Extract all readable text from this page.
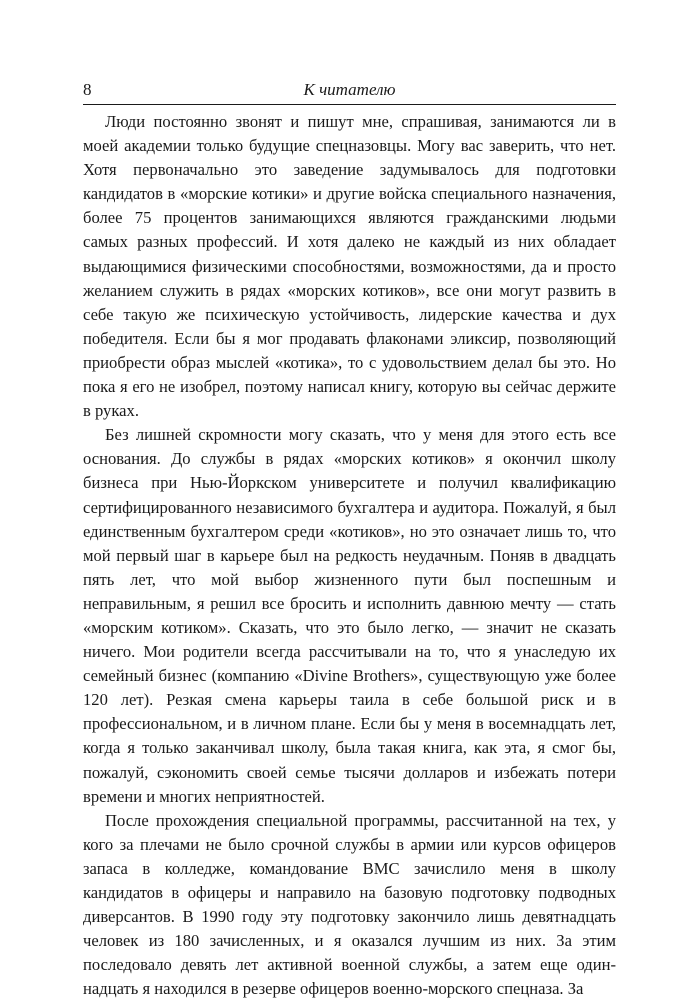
8	К читателю

Люди постоянно звонят и пишут мне, спрашивая, занимаются ли в моей академии только будущие спецназовцы. Могу вас заверить, что нет. Хотя первоначально это заведение задумывалось для подготовки кандидатов в «морские котики» и другие войска специального назначения, более 75 процентов занимающихся являются гражданскими людьми самых разных профессий. И хотя далеко не каждый из них обладает выдающимися физическими способностями, возможностями, да и просто желанием служить в рядах «морских котиков», все они могут развить в себе такую же психическую устойчивость, лидерские качества и дух победителя. Если бы я мог продавать флаконами эликсир, позволяющий приобрести образ мыслей «котика», то с удовольствием делал бы это. Но пока я его не изобрел, поэтому написал книгу, которую вы сейчас держите в руках.

Без лишней скромности могу сказать, что у меня для этого есть все основания. До службы в рядах «морских котиков» я окончил школу бизнеса при Нью-Йоркском университете и получил квалификацию сертифицированного независимого бухгалтера и аудитора. Пожалуй, я был единственным бухгалтером среди «котиков», но это означает лишь то, что мой первый шаг в карьере был на редкость неудачным. Поняв в двадцать пять лет, что мой выбор жизненного пути был поспешным и неправильным, я решил все бросить и исполнить давнюю мечту — стать «морским котиком». Сказать, что это было легко, — значит не сказать ничего. Мои родители всегда рассчитывали на то, что я унаследую их семейный бизнес (компанию «Divine Brothers», существующую уже более 120 лет). Резкая смена карьеры таила в себе большой риск и в профессиональном, и в личном плане. Если бы у меня в восемнадцать лет, когда я только заканчивал школу, была такая книга, как эта, я смог бы, пожалуй, сэкономить своей семье тысячи долларов и избежать потери времени и многих неприятностей.

После прохождения специальной программы, рассчитанной на тех, у кого за плечами не было срочной службы в армии или курсов офицеров запаса в колледже, командование ВМС зачислило меня в школу кандидатов в офицеры и направило на базовую подготовку подводных диверсантов. В 1990 году эту подготовку закончило лишь девятнадцать человек из 180 зачисленных, и я оказался лучшим из них. За этим последовало девять лет активной военной службы, а затем еще одиннадцать я находился в резерве офицеров военно-морского спецназа. За
